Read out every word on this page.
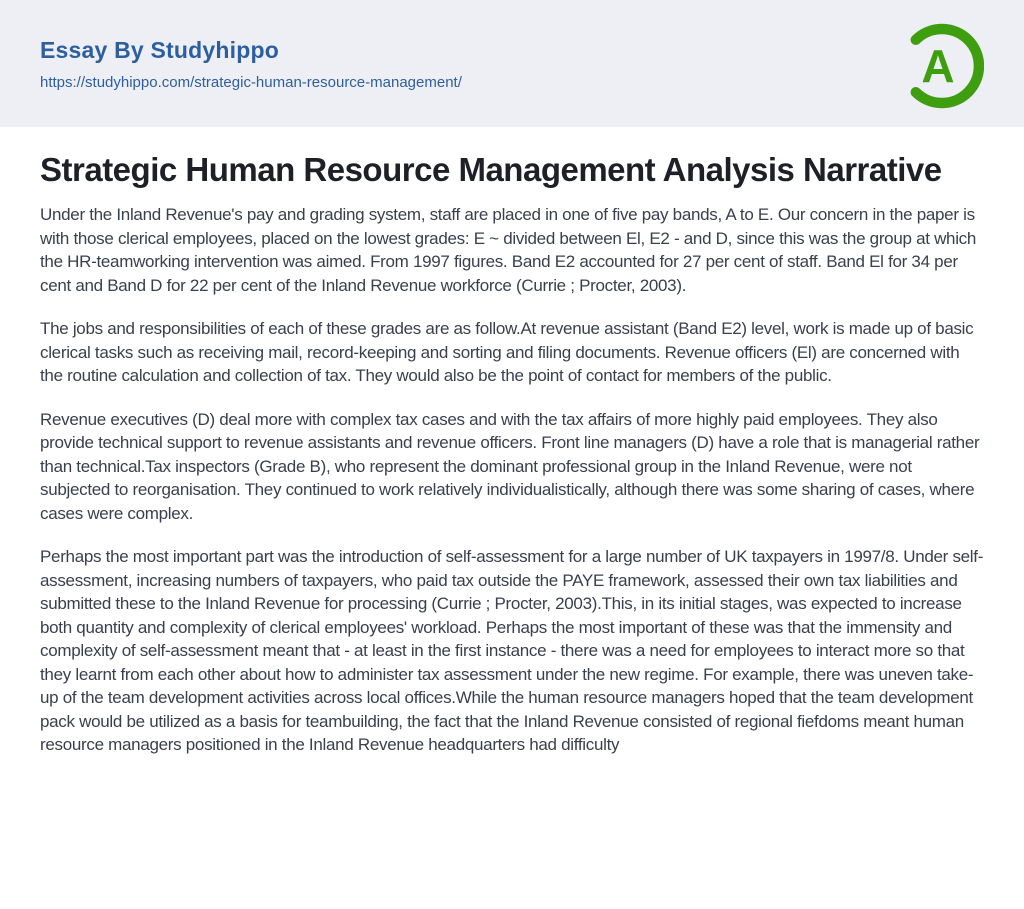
Essay By Studyhippo
https://studyhippo.com/strategic-human-resource-management/	A
Strategic Human Resource Management Analysis Narrative

Under the Inland Revenue's pay and grading system, staff are placed in one of five pay bands, A to E. Our concern in the paper is with those clerical employees, placed on the lowest grades: E ~ divided between El, E2 - and D, since this was the group at which the HR-teamworking intervention was aimed. From 1997 figures. Band E2 accounted for 27 per cent of staff. Band El for 34 per cent and Band D for 22 per cent of the Inland Revenue workforce (Currie ; Procter, 2003).

The jobs and responsibilities of each of these grades are as follow.At revenue assistant (Band E2) level, work is made up of basic clerical tasks such as receiving mail, record-keeping and sorting and filing documents. Revenue officers (El) are concerned with the routine calculation and collection of tax. They would also be the point of contact for members of the public.

Revenue executives (D) deal more with complex tax cases and with the tax affairs of more highly paid employees. They also provide technical support to revenue assistants and revenue officers. Front line managers (D) have a role that is managerial rather than technical.Tax inspectors (Grade B), who represent the dominant professional group in the Inland Revenue, were not subjected to reorganisation. They continued to work relatively individualistically, although there was some sharing of cases, where cases were complex.

Perhaps the most important part was the introduction of self-assessment for a large number of UK taxpayers in 1997/8. Under self-assessment, increasing numbers of taxpayers, who paid tax outside the PAYE framework, assessed their own tax liabilities and submitted these to the Inland Revenue for processing (Currie ; Procter, 2003).This, in its initial stages, was expected to increase both quantity and complexity of clerical employees' workload. Perhaps the most important of these was that the immensity and complexity of self-assessment meant that - at least in the first instance - there was a need for employees to interact more so that they learnt from each other about how to administer tax assessment under the new regime. For example, there was uneven take-up of the team development activities across local offices.While the human resource managers hoped that the team development pack would be utilized as a basis for teambuilding, the fact that the Inland Revenue consisted of regional fiefdoms meant human resource managers positioned in the Inland Revenue headquarters had difficulty
